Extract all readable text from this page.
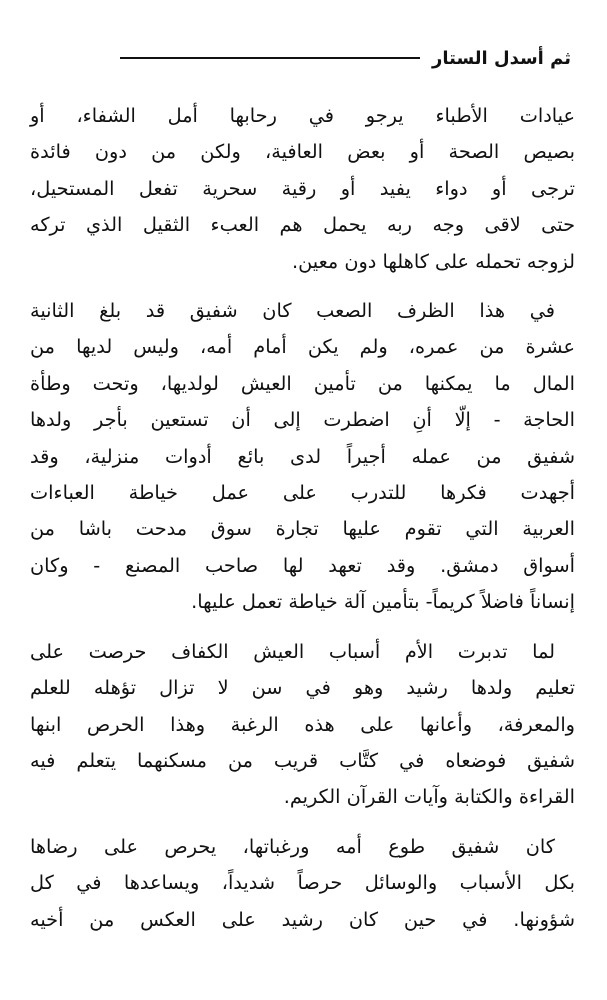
ثم أسدل الستار

عيادات الأطباء يرجو في رحابها أمل الشفاء، أو
بصيص الصحة أو بعض العافية، ولكن من دون فائدة
ترجى أو دواء يفيد أو رقية سحرية تفعل المستحيل،
حتى لاقى وجه ربه يحمل هم العبء الثقيل الذي تركه
لزوجه تحمله على كاهلها دون معين.

في هذا الظرف الصعب كان شفيق قد بلغ الثانية
عشرة من عمره، ولم يكن أمام أمه، وليس لديها من
المال ما يمكنها من تأمين العيش لولديها، وتحت وطأة
الحاجة - إلّا أنِ اضطرت إلى أن تستعين بأجر ولدها
شفيق من عمله أجيراً لدى بائع أدوات منزلية، وقد
أجهدت فكرها للتدرب على عمل خياطة العباءات
العربية التي تقوم عليها تجارة سوق مدحت باشا من
أسواق دمشق. وقد تعهد لها صاحب المصنع - وكان
إنساناً فاضلاً كريماً- بتأمين آلة خياطة تعمل عليها.

لما تدبرت الأم أسباب العيش الكفاف حرصت على
تعليم ولدها رشيد وهو في سن لا تزال تؤهله للعلم
والمعرفة، وأعانها على هذه الرغبة وهذا الحرص ابنها
شفيق فوضعاه في كتَّاب قريب من مسكنهما يتعلم فيه
القراءة والكتابة وآيات القرآن الكريم.

كان شفيق طوع أمه ورغباتها، يحرص على رضاها
بكل الأسباب والوسائل حرصاً شديداً، ويساعدها في كل
شؤونها. في حين كان رشيد على العكس من أخيه
